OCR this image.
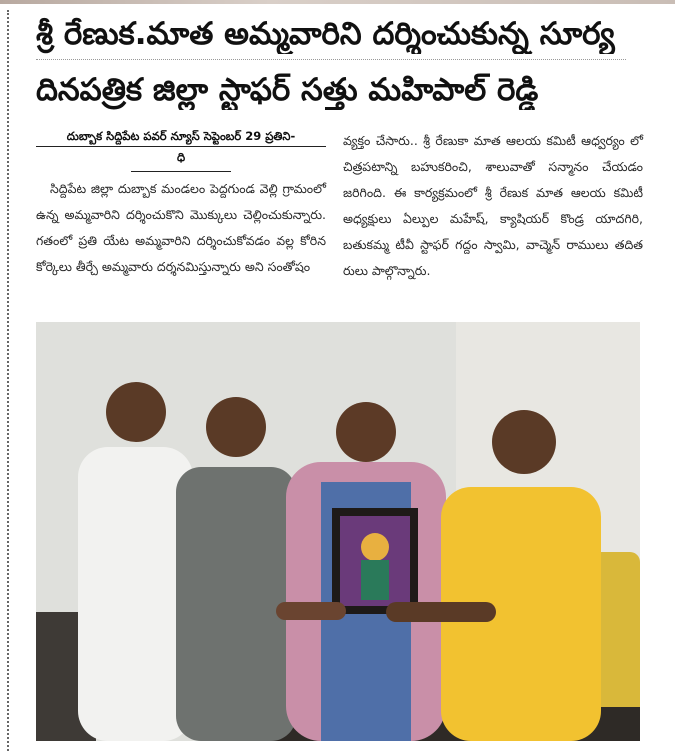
శ్రీ రేణుక.మాత అమ్మవారిని దర్శించుకున్న సూర్య
దినపత్రిక జిల్లా స్టాఫర్ సత్తు మహిపాల్ రెడ్డి
దుబ్బాక సిద్దిపేట పవర్ న్యూస్ సెప్టెంబర్ 29 ప్రతిని-
ధి

సిద్దిపేట జిల్లా దుబ్బాక మండలం పెద్దగుండ వెల్లి గ్రామంలో ఉన్న అమ్మవారిని దర్శించుకొని మొక్కులు చెల్లించుకున్నారు. గతంలో ప్రతి యేట అమ్మవారిని దర్శించుకోవడం వల్ల కోరిన కోర్కెలు తీర్చే అమ్మవారు దర్శనమిస్తున్నారు అని సంతోషం

వ్యక్తం చేసారు.. శ్రీ రేణుకా మాత ఆలయ కమిటీ ఆధ్వర్యం లో చిత్రపటాన్ని బహుకరించి, శాలువాతో సన్మానం చేయడం జరిగింది. ఈ కార్యక్రమంలో శ్రీ రేణుక మాత ఆలయ కమిటీ అధ్యక్షులు ఏల్పుల మహేష్, క్యాషియర్ కొండ్ర యాదగిరి, బతుకమ్మ టీవీ స్టాఫర్ గద్దం స్వామి, వాచ్మెన్ రాములు తదిత రులు పాల్గొన్నారు.
